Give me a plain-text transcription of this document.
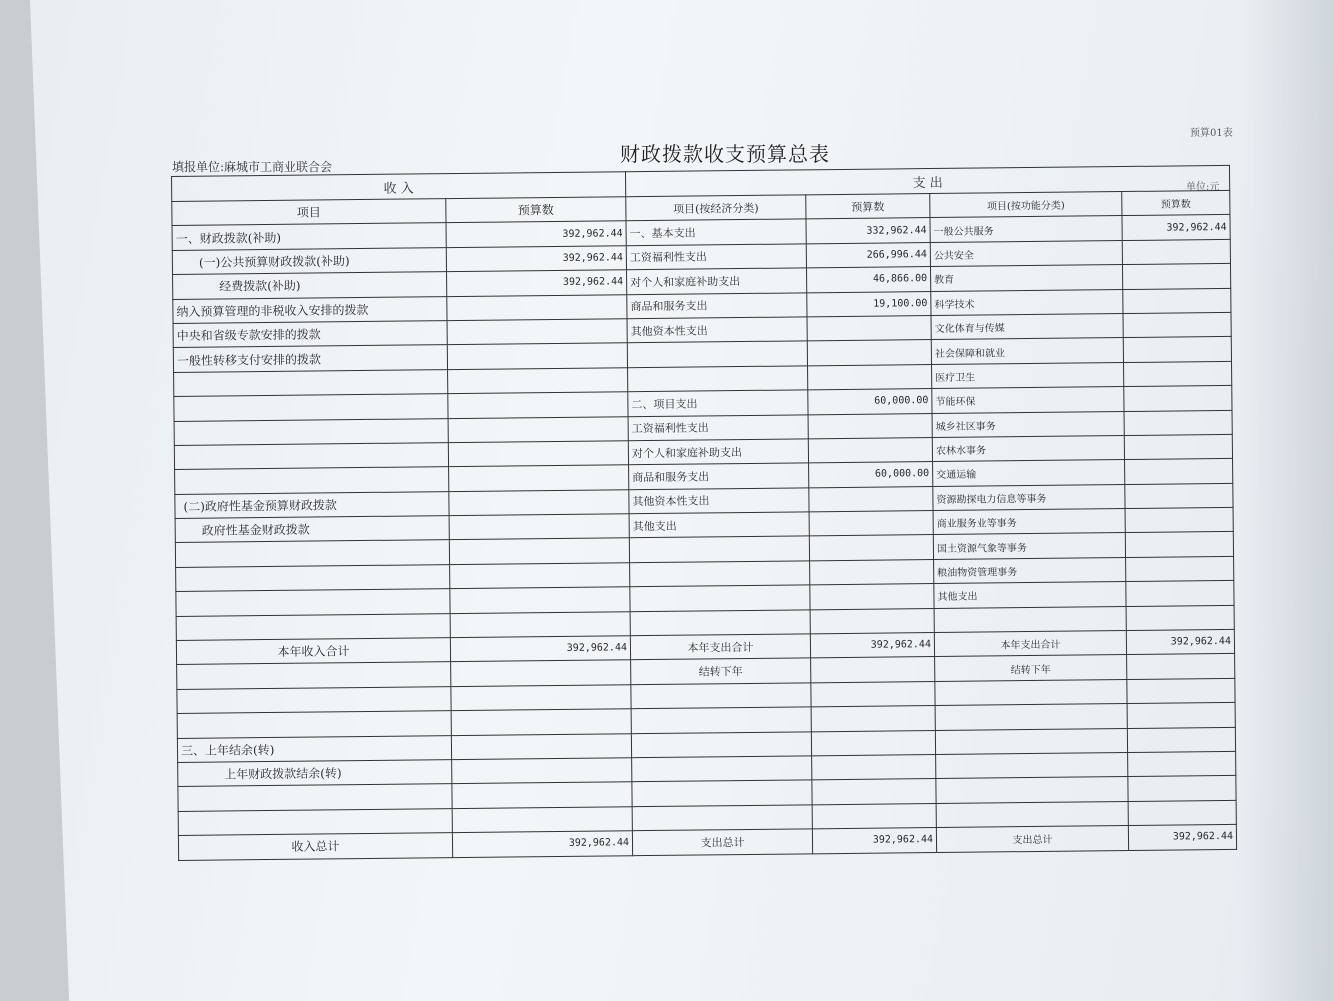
预算01表
财政拨款收支预算总表
填报单位:麻城市工商业联合会
单位:元
收 入		支 出			
项目	预算数	项目(按经济分类)	预算数	项目(按功能分类)	预算数
一、财政拨款(补助)	392,962.44	一、基本支出	332,962.44	一般公共服务	392,962.44
(一)公共预算财政拨款(补助)	392,962.44	工资福利性支出	266,996.44	公共安全	
经费拨款(补助)	392,962.44	对个人和家庭补助支出	46,866.00	教育	
纳入预算管理的非税收入安排的拨款		商品和服务支出	19,100.00	科学技术	
中央和省级专款安排的拨款		其他资本性支出		文化体育与传媒	
一般性转移支付安排的拨款				社会保障和就业	
				医疗卫生	
		二、项目支出	60,000.00	节能环保	
		工资福利性支出		城乡社区事务	
		对个人和家庭补助支出		农林水事务	
		商品和服务支出	60,000.00	交通运输	
(二)政府性基金预算财政拨款		其他资本性支出		资源勘探电力信息等事务	
政府性基金财政拨款		其他支出		商业服务业等事务	
				国土资源气象等事务	
				粮油物资管理事务	
				其他支出	

本年收入合计	392,962.44	本年支出合计	392,962.44	本年支出合计	392,962.44
		结转下年		结转下年	

三、上年结余(转)					
上年财政拨款结余(转)					

收入总计	392,962.44	支出总计	392,962.44	支出总计	392,962.44
